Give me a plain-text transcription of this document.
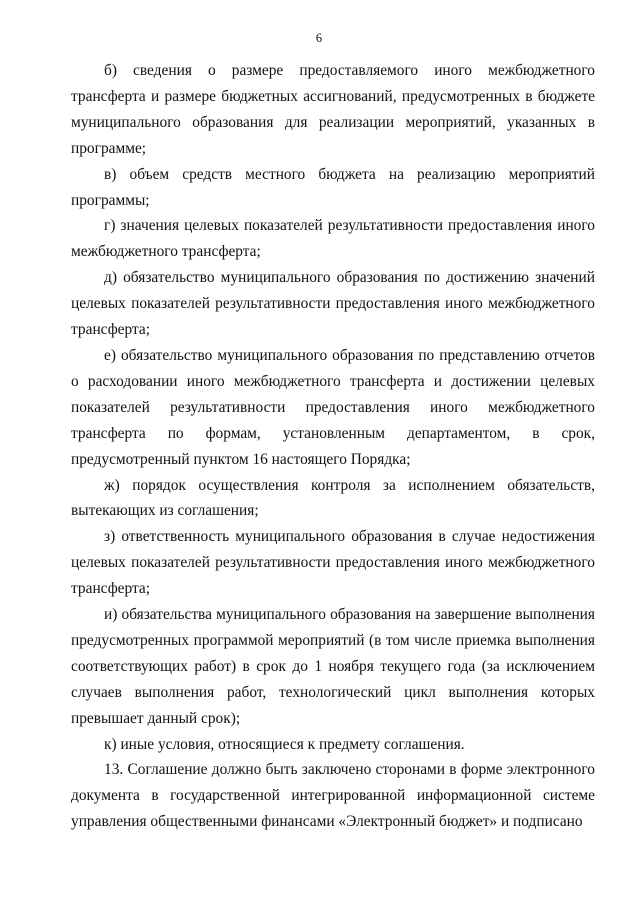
6

б) сведения о размере предоставляемого иного межбюджетного трансферта и размере бюджетных ассигнований, предусмотренных в бюджете муниципального образования для реализации мероприятий, указанных в программе;

в) объем средств местного бюджета на реализацию мероприятий программы;

г) значения целевых показателей результативности предоставления иного межбюджетного трансферта;

д) обязательство муниципального образования по достижению значений целевых показателей результативности предоставления иного межбюджетного трансферта;

е) обязательство муниципального образования по представлению отчетов о расходовании иного межбюджетного трансферта и достижении целевых показателей результативности предоставления иного межбюджетного трансферта по формам, установленным департаментом, в срок, предусмотренный пунктом 16 настоящего Порядка;

ж) порядок осуществления контроля за исполнением обязательств, вытекающих из соглашения;

з) ответственность муниципального образования в случае недостижения целевых показателей результативности предоставления иного межбюджетного трансферта;

и) обязательства муниципального образования на завершение выполнения предусмотренных программой мероприятий (в том числе приемка выполнения соответствующих работ) в срок до 1 ноября текущего года (за исключением случаев выполнения работ, технологический цикл выполнения которых превышает данный срок);

к) иные условия, относящиеся к предмету соглашения.

13. Соглашение должно быть заключено сторонами в форме электронного документа в государственной интегрированной информационной системе управления общественными финансами «Электронный бюджет» и подписано
